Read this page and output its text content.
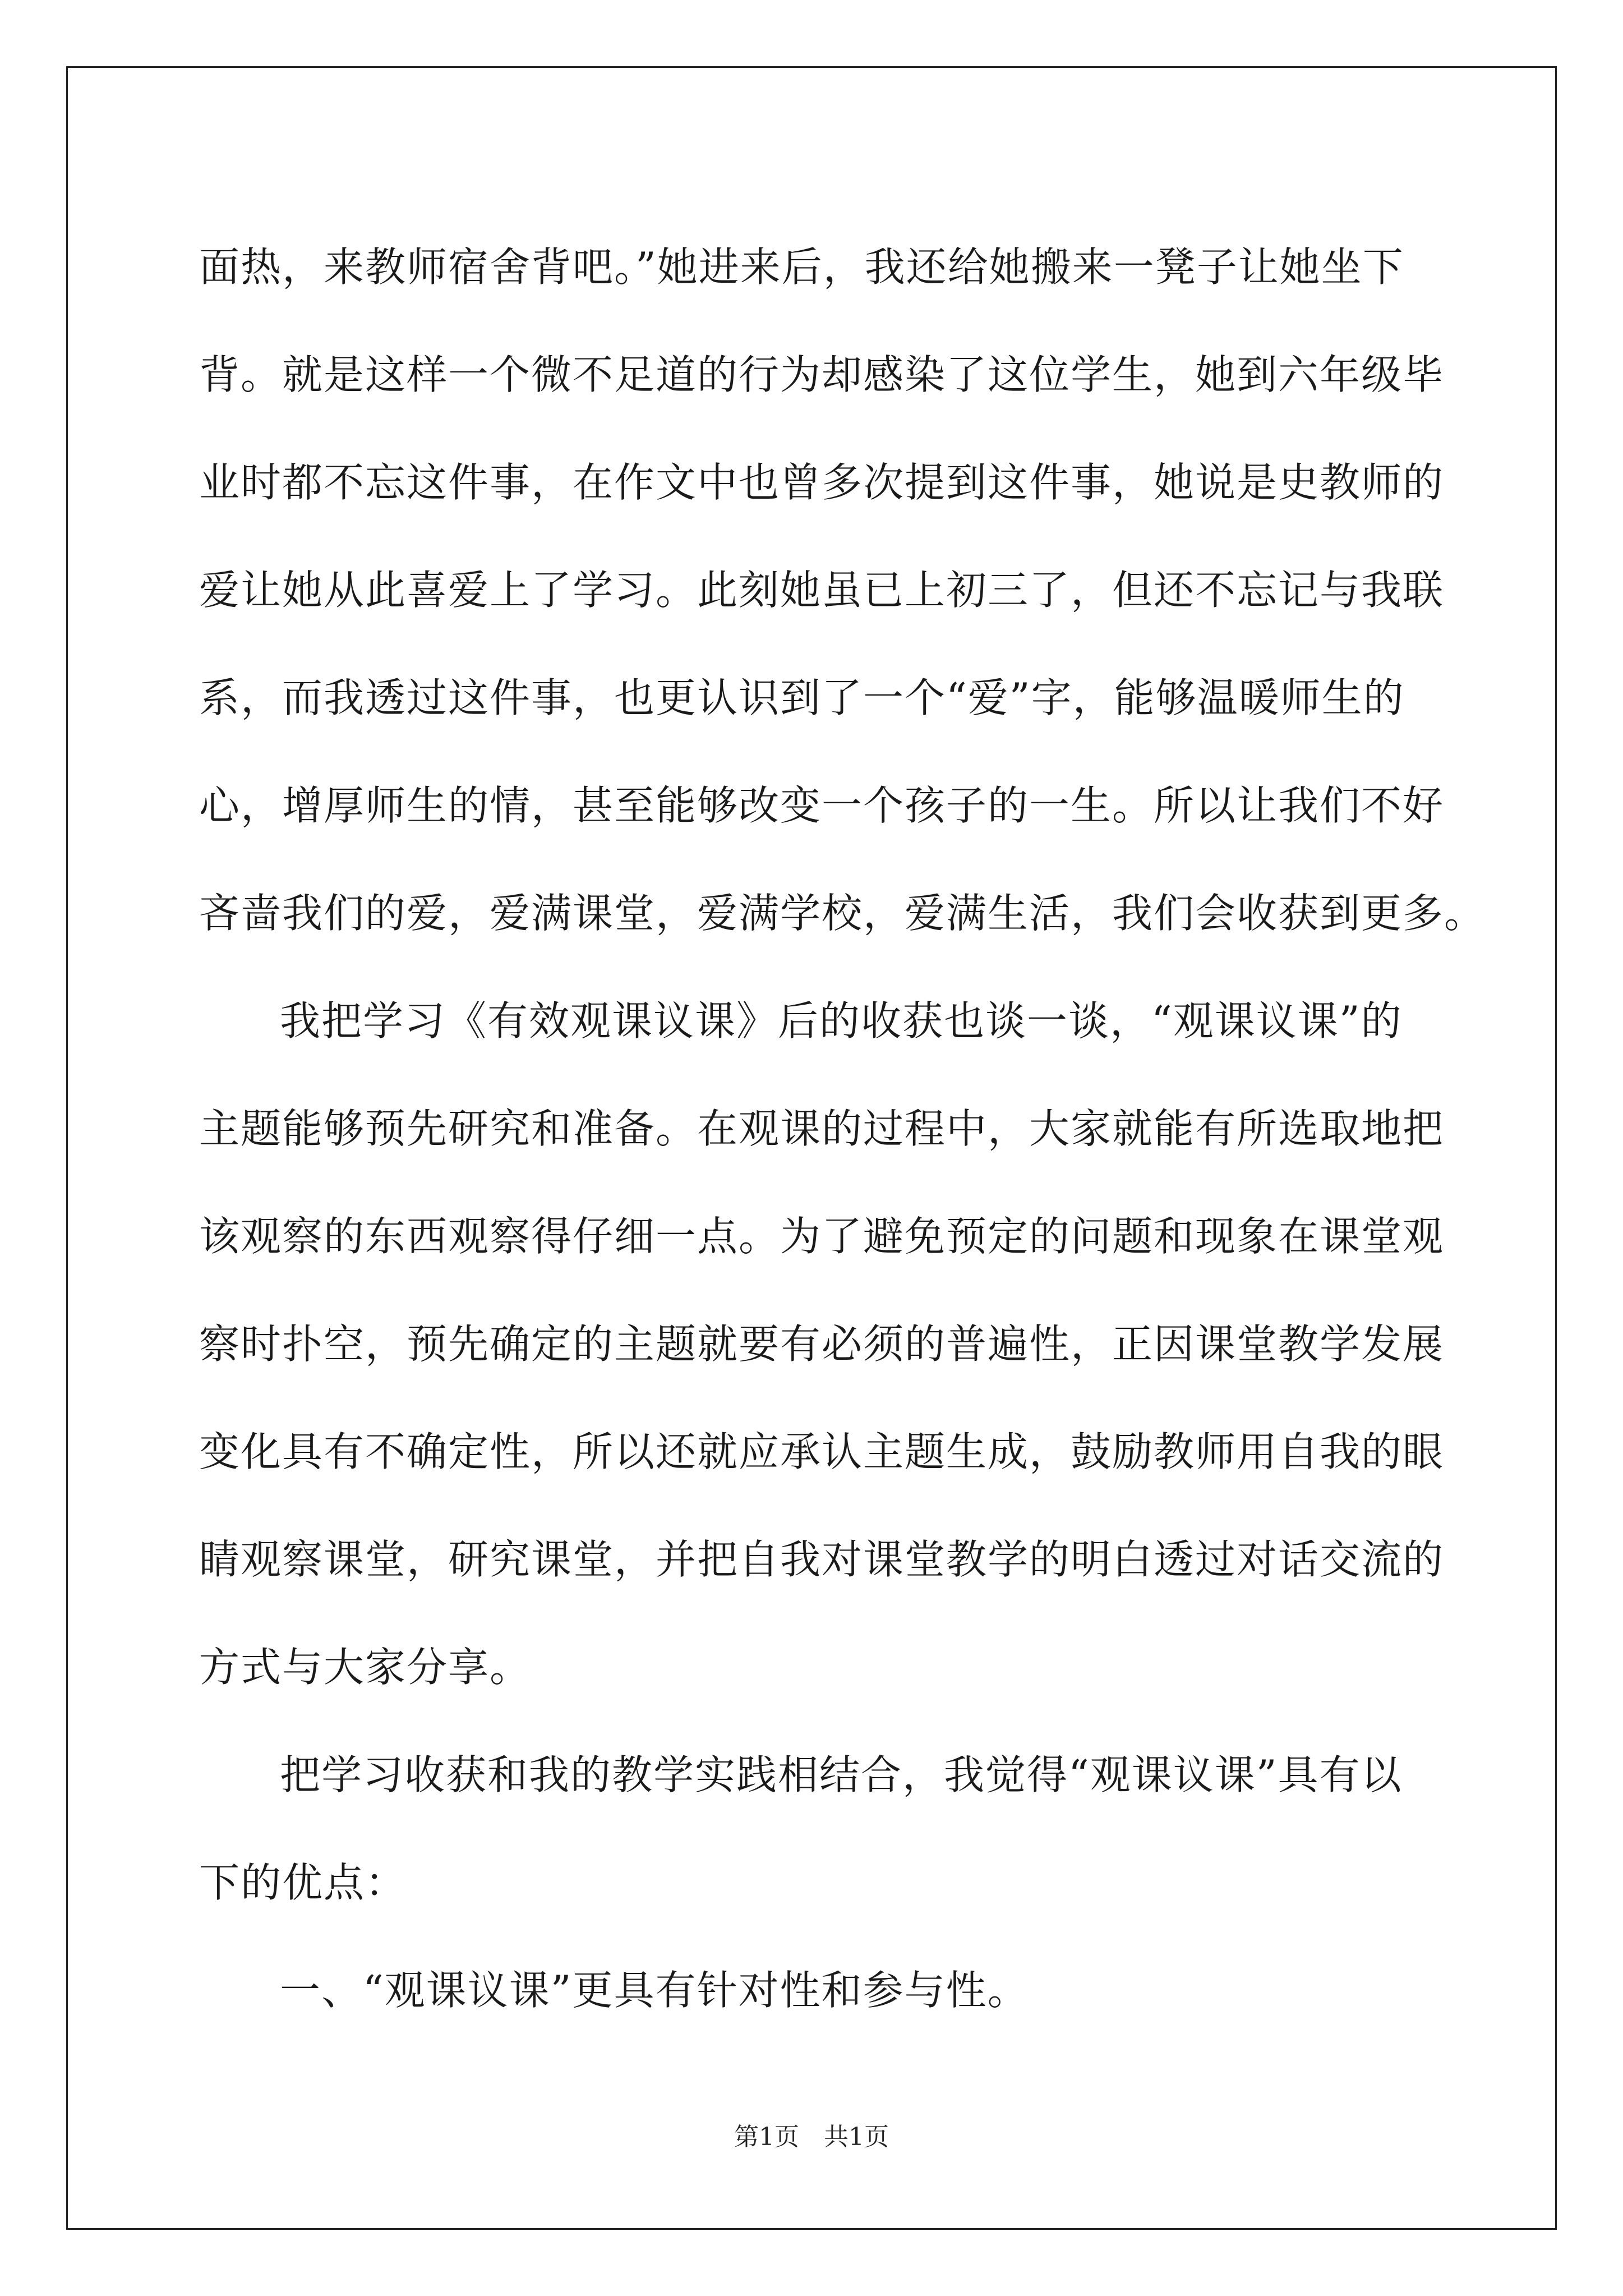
面热，来教师宿舍背吧。”她进来后，我还给她搬来一凳子让她坐下
背。就是这样一个微不足道的行为却感染了这位学生，她到六年级毕
业时都不忘这件事，在作文中也曾多次提到这件事，她说是史教师的
爱让她从此喜爱上了学习。此刻她虽已上初三了，但还不忘记与我联
系，而我透过这件事，也更认识到了一个“爱”字，能够温暖师生的
心，增厚师生的情，甚至能够改变一个孩子的一生。所以让我们不好
吝啬我们的爱，爱满课堂，爱满学校，爱满生活，我们会收获到更多。
我把学习《有效观课议课》后的收获也谈一谈，“观课议课”的
主题能够预先研究和准备。在观课的过程中，大家就能有所选取地把
该观察的东西观察得仔细一点。为了避免预定的问题和现象在课堂观
察时扑空，预先确定的主题就要有必须的普遍性，正因课堂教学发展
变化具有不确定性，所以还就应承认主题生成，鼓励教师用自我的眼
睛观察课堂，研究课堂，并把自我对课堂教学的明白透过对话交流的
方式与大家分享。
把学习收获和我的教学实践相结合，我觉得“观课议课”具有以
下的优点：
一、“观课议课”更具有针对性和参与性。
第1页　共1页
